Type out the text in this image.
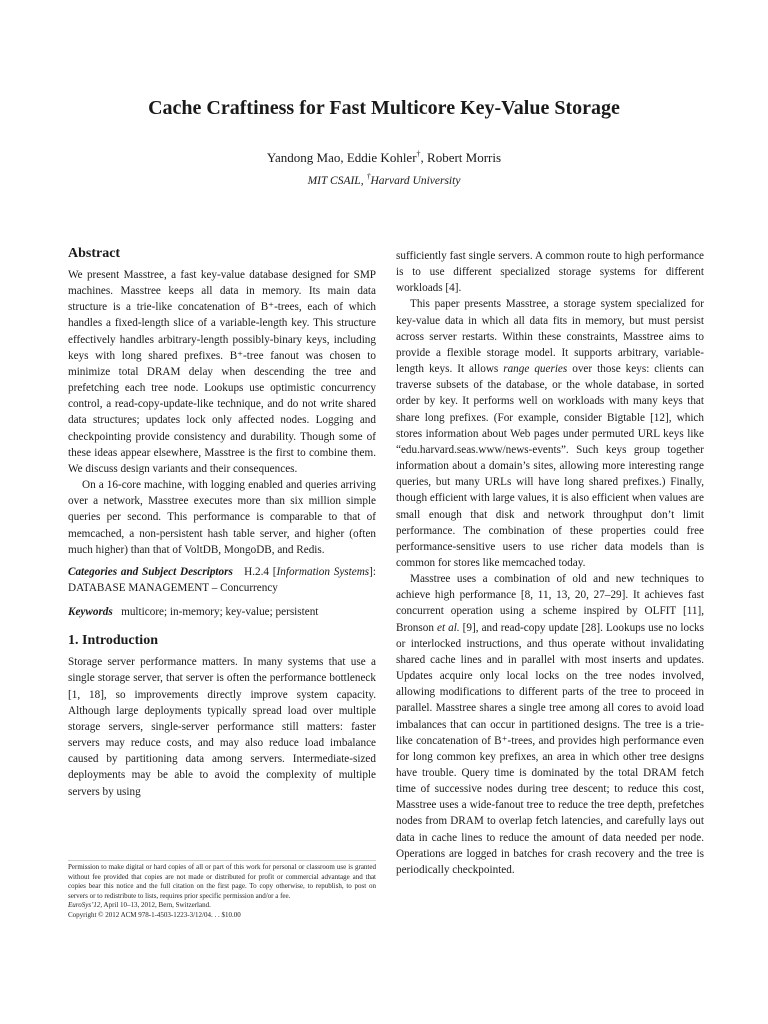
Cache Craftiness for Fast Multicore Key-Value Storage
Yandong Mao, Eddie Kohler†, Robert Morris
MIT CSAIL, †Harvard University
Abstract

We present Masstree, a fast key-value database designed for SMP machines. Masstree keeps all data in memory. Its main data structure is a trie-like concatenation of B⁺-trees, each of which handles a fixed-length slice of a variable-length key. This structure effectively handles arbitrary-length possibly-binary keys, including keys with long shared prefixes. B⁺-tree fanout was chosen to minimize total DRAM delay when descending the tree and prefetching each tree node. Lookups use optimistic concurrency control, a read-copy-update-like technique, and do not write shared data structures; updates lock only affected nodes. Logging and checkpointing provide consistency and durability. Though some of these ideas appear elsewhere, Masstree is the first to combine them. We discuss design variants and their consequences.

On a 16-core machine, with logging enabled and queries arriving over a network, Masstree executes more than six million simple queries per second. This performance is comparable to that of memcached, a non-persistent hash table server, and higher (often much higher) than that of VoltDB, MongoDB, and Redis.

Categories and Subject Descriptors H.2.4 [Information Systems]: DATABASE MANAGEMENT – Concurrency

Keywords multicore; in-memory; key-value; persistent

1. Introduction

Storage server performance matters. In many systems that use a single storage server, that server is often the performance bottleneck [1, 18], so improvements directly improve system capacity. Although large deployments typically spread load over multiple storage servers, single-server performance still matters: faster servers may reduce costs, and may also reduce load imbalance caused by partitioning data among servers. Intermediate-sized deployments may be able to avoid the complexity of multiple servers by using

sufficiently fast single servers. A common route to high performance is to use different specialized storage systems for different workloads [4].

This paper presents Masstree, a storage system specialized for key-value data in which all data fits in memory, but must persist across server restarts. Within these constraints, Masstree aims to provide a flexible storage model. It supports arbitrary, variable-length keys. It allows range queries over those keys: clients can traverse subsets of the database, or the whole database, in sorted order by key. It performs well on workloads with many keys that share long prefixes. (For example, consider Bigtable [12], which stores information about Web pages under permuted URL keys like “edu.harvard.seas.www/news-events”. Such keys group together information about a domain’s sites, allowing more interesting range queries, but many URLs will have long shared prefixes.) Finally, though efficient with large values, it is also efficient when values are small enough that disk and network throughput don’t limit performance. The combination of these properties could free performance-sensitive users to use richer data models than is common for stores like memcached today.

Masstree uses a combination of old and new techniques to achieve high performance [8, 11, 13, 20, 27–29]. It achieves fast concurrent operation using a scheme inspired by OLFIT [11], Bronson et al. [9], and read-copy update [28]. Lookups use no locks or interlocked instructions, and thus operate without invalidating shared cache lines and in parallel with most inserts and updates. Updates acquire only local locks on the tree nodes involved, allowing modifications to different parts of the tree to proceed in parallel. Masstree shares a single tree among all cores to avoid load imbalances that can occur in partitioned designs. The tree is a trie-like concatenation of B⁺-trees, and provides high performance even for long common key prefixes, an area in which other tree designs have trouble. Query time is dominated by the total DRAM fetch time of successive nodes during tree descent; to reduce this cost, Masstree uses a wide-fanout tree to reduce the tree depth, prefetches nodes from DRAM to overlap fetch latencies, and carefully lays out data in cache lines to reduce the amount of data needed per node. Operations are logged in batches for crash recovery and the tree is periodically checkpointed.

Permission to make digital or hard copies of all or part of this work for personal or classroom use is granted without fee provided that copies are not made or distributed for profit or commercial advantage and that copies bear this notice and the full citation on the first page. To copy otherwise, to republish, to post on servers or to redistribute to lists, requires prior specific permission and/or a fee.

EuroSys’12, April 10–13, 2012, Bern, Switzerland.

Copyright © 2012 ACM 978-1-4503-1223-3/12/04. . . $10.00
